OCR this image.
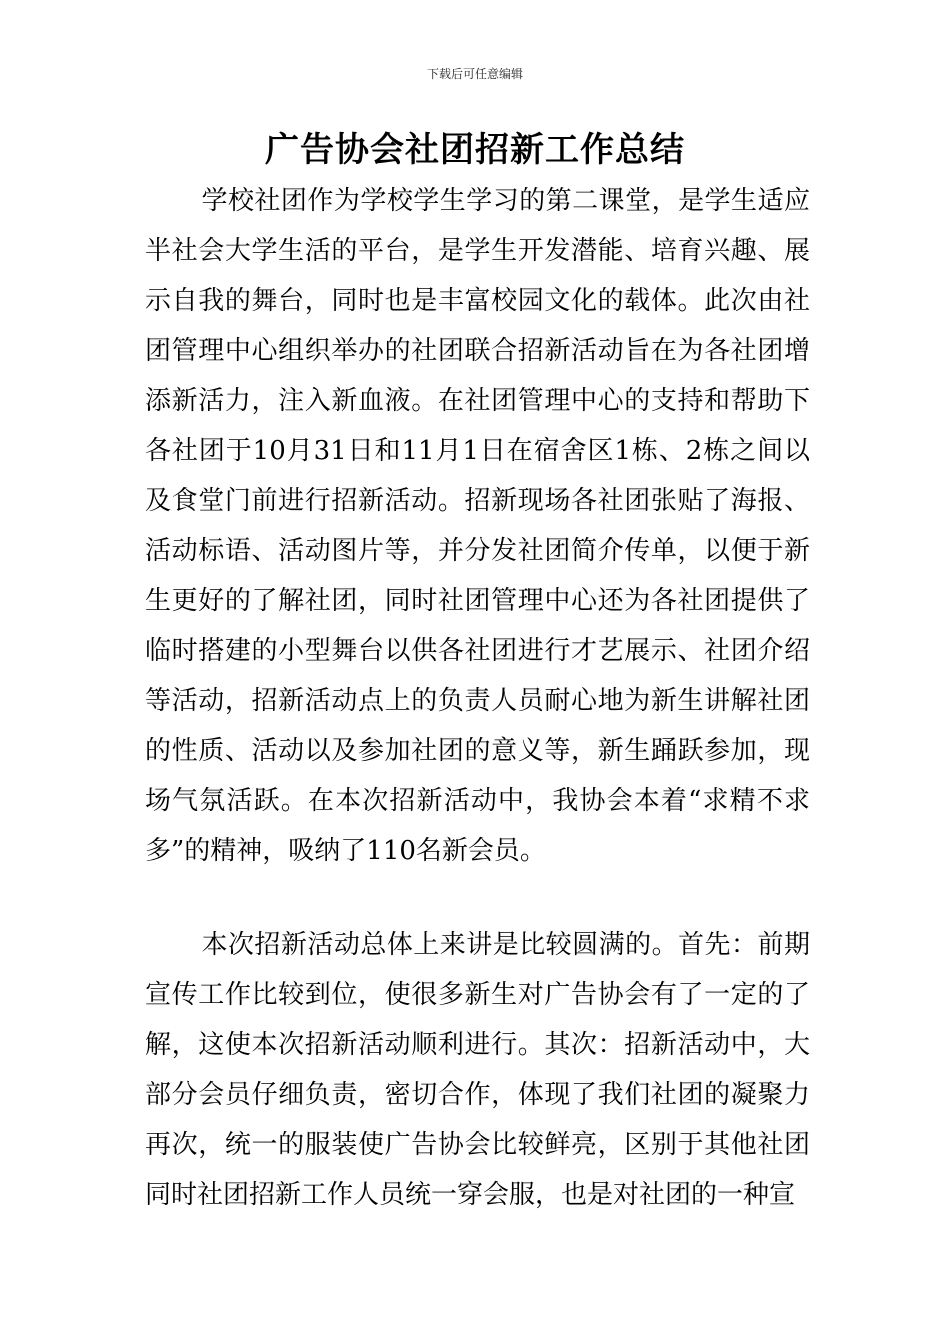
下载后可任意编辑
广告协会社团招新工作总结

学校社团作为学校学生学习的第二课堂，是学生适应半社会大学生活的平台，是学生开发潜能、培育兴趣、展示自我的舞台，同时也是丰富校园文化的载体。此次由社团管理中心组织举办的社团联合招新活动旨在为各社团增添新活力，注入新血液。在社团管理中心的支持和帮助下各社团于10月31日和11月1日在宿舍区1栋、2栋之间以及食堂门前进行招新活动。招新现场各社团张贴了海报、活动标语、活动图片等，并分发社团简介传单，以便于新生更好的了解社团，同时社团管理中心还为各社团提供了临时搭建的小型舞台以供各社团进行才艺展示、社团介绍等活动，招新活动点上的负责人员耐心地为新生讲解社团的性质、活动以及参加社团的意义等，新生踊跃参加，现场气氛活跃。在本次招新活动中，我协会本着“求精不求多”的精神，吸纳了110名新会员。

本次招新活动总体上来讲是比较圆满的。首先：前期宣传工作比较到位，使很多新生对广告协会有了一定的了解，这使本次招新活动顺利进行。其次：招新活动中，大部分会员仔细负责，密切合作，体现了我们社团的凝聚力再次，统一的服装使广告协会比较鲜亮，区别于其他社团同时社团招新工作人员统一穿会服，也是对社团的一种宣
